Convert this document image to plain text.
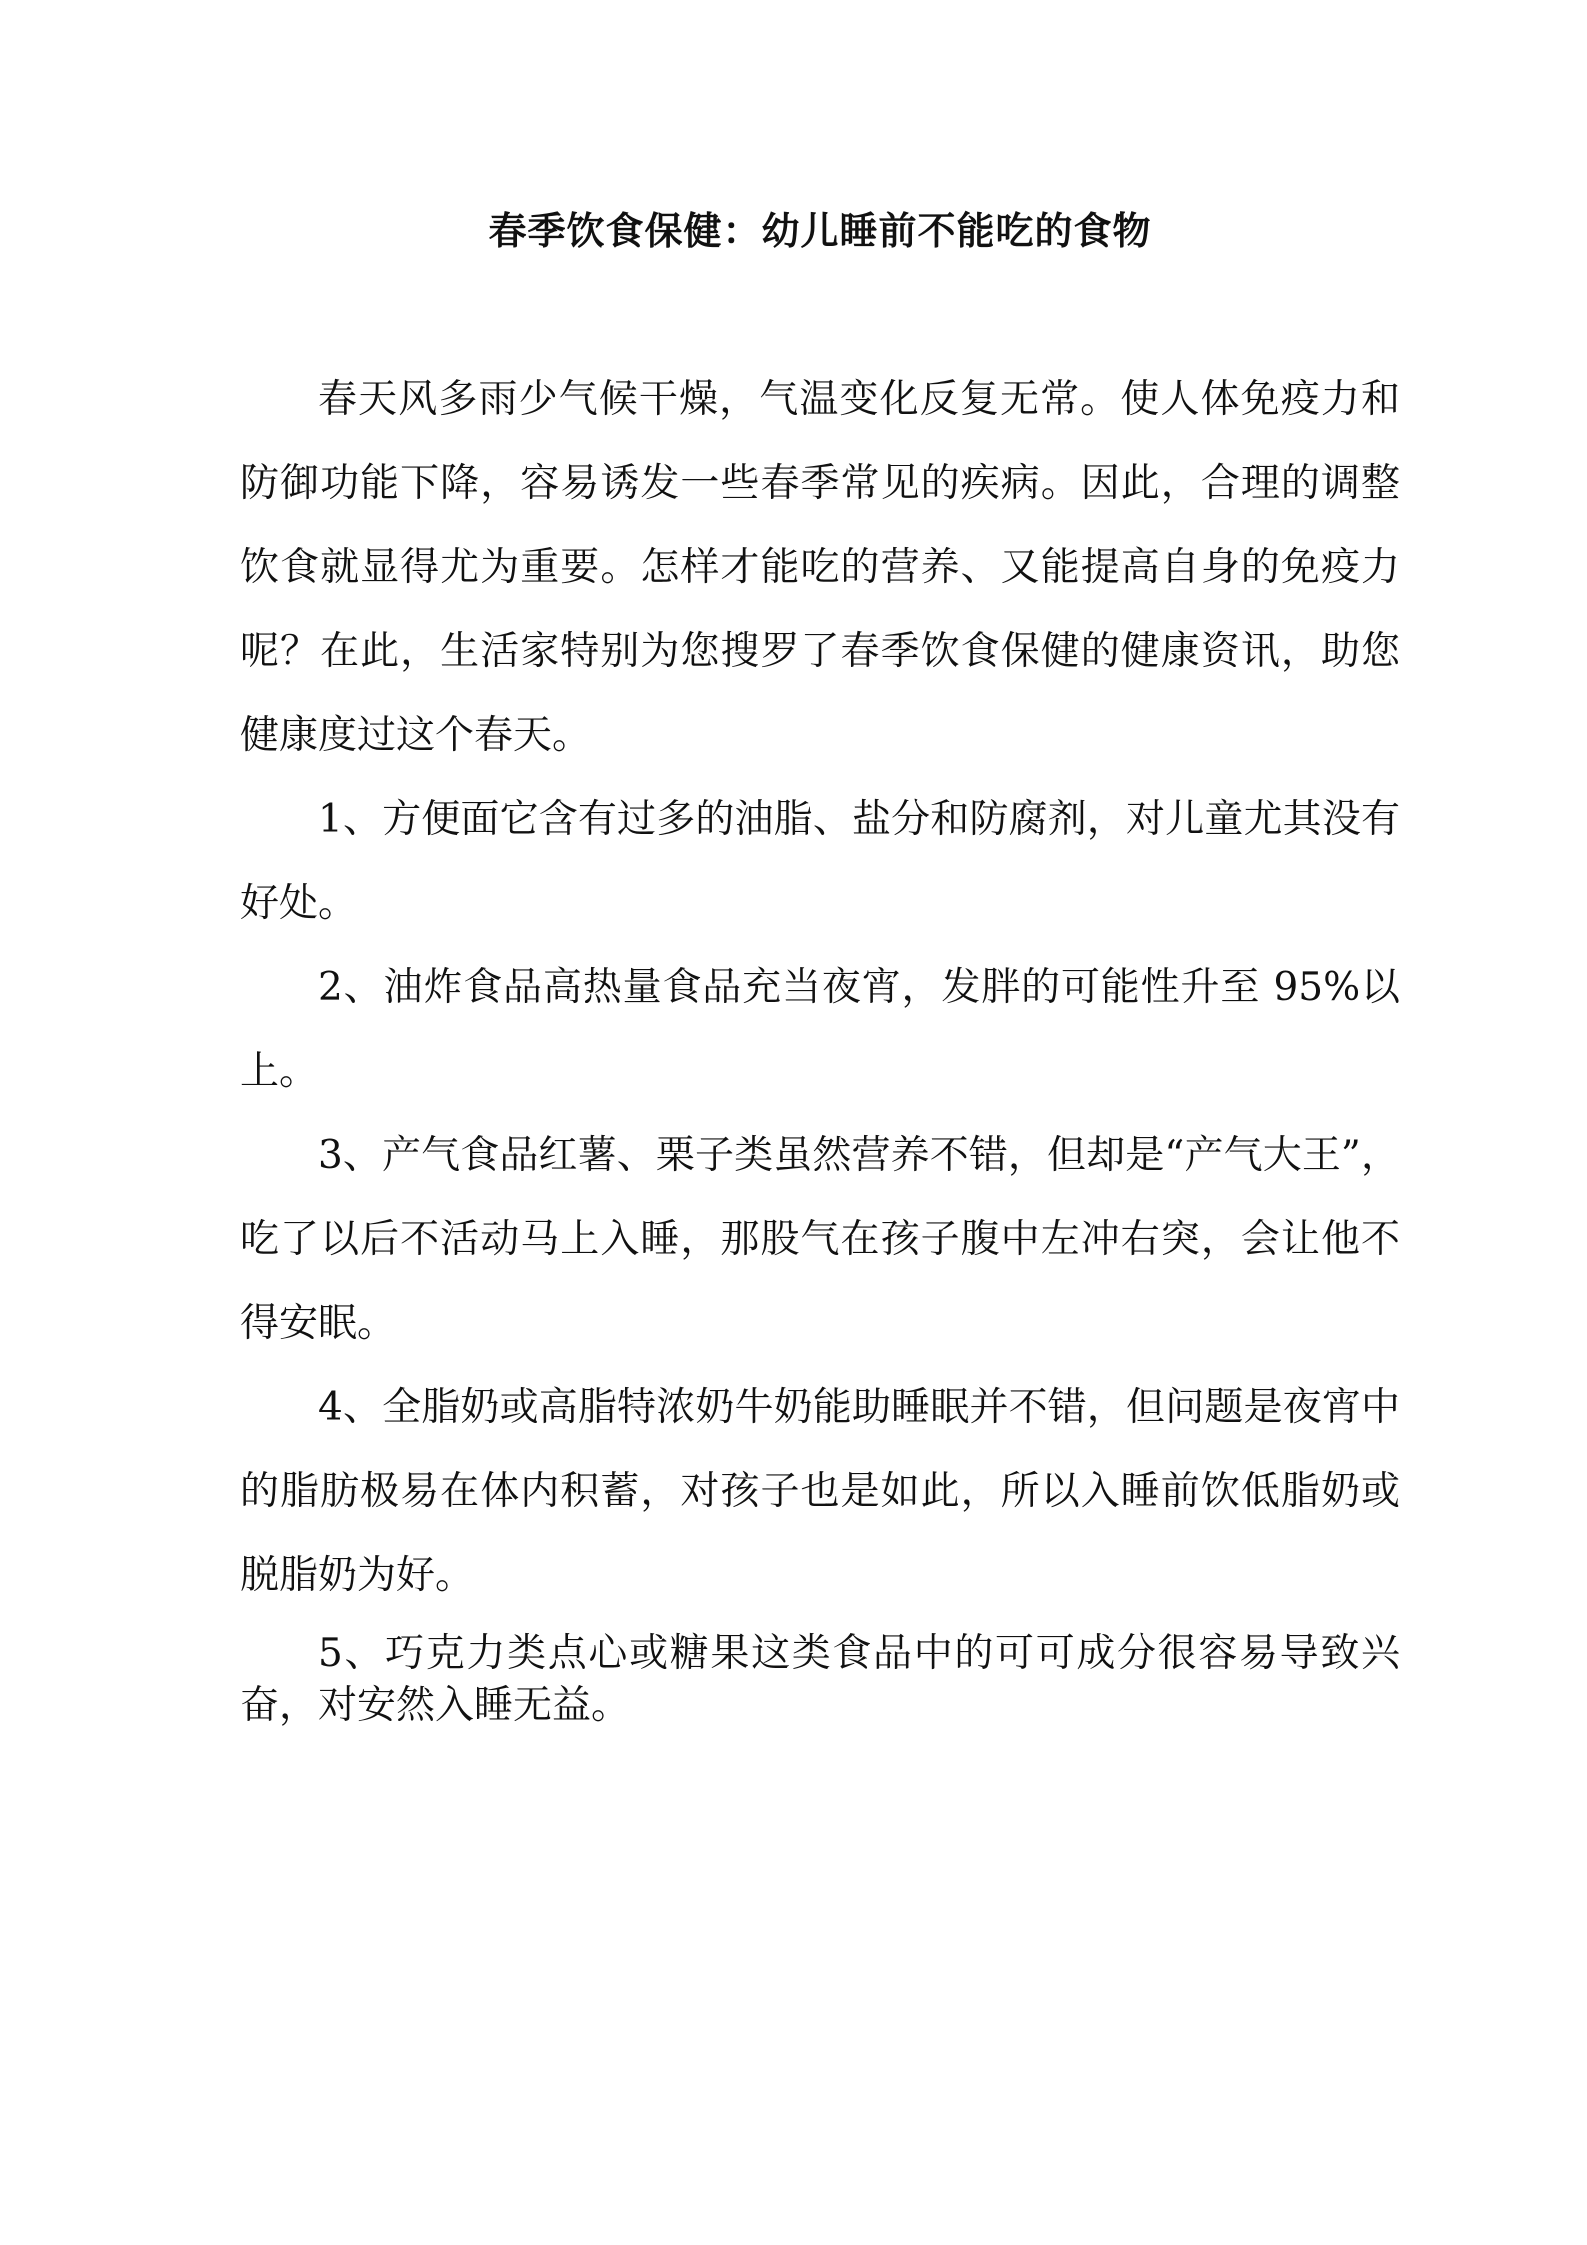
春季饮食保健：幼儿睡前不能吃的食物

春天风多雨少气候干燥，气温变化反复无常。使人体免疫力和防御功能下降，容易诱发一些春季常见的疾病。因此，合理的调整饮食就显得尤为重要。怎样才能吃的营养、又能提高自身的免疫力呢？在此，生活家特别为您搜罗了春季饮食保健的健康资讯，助您健康度过这个春天。

1、方便面它含有过多的油脂、盐分和防腐剂，对儿童尤其没有好处。

2、油炸食品高热量食品充当夜宵，发胖的可能性升至 95%以上。

3、产气食品红薯、栗子类虽然营养不错，但却是“产气大王”，吃了以后不活动马上入睡，那股气在孩子腹中左冲右突，会让他不得安眠。

4、全脂奶或高脂特浓奶牛奶能助睡眠并不错，但问题是夜宵中的脂肪极易在体内积蓄，对孩子也是如此，所以入睡前饮低脂奶或脱脂奶为好。

5、巧克力类点心或糖果这类食品中的可可成分很容易导致兴奋，对安然入睡无益。
